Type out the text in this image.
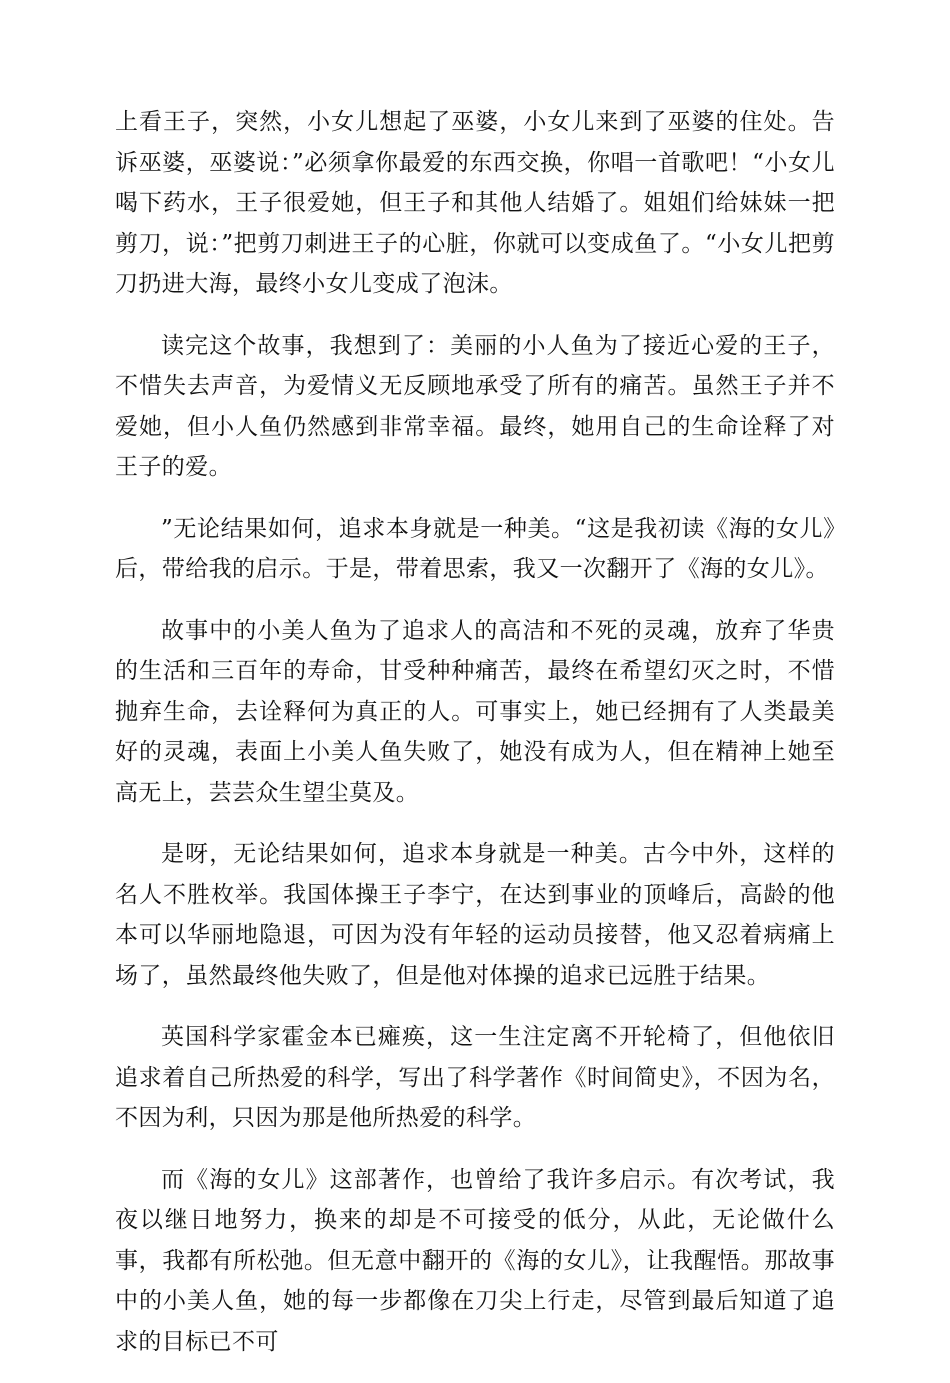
上看王子，突然，小女儿想起了巫婆，小女儿来到了巫婆的住处。告诉巫婆，巫婆说：”必须拿你最爱的东西交换，你唱一首歌吧！“小女儿喝下药水，王子很爱她，但王子和其他人结婚了。姐姐们给妹妹一把剪刀，说：”把剪刀刺进王子的心脏，你就可以变成鱼了。“小女儿把剪刀扔进大海，最终小女儿变成了泡沫。

读完这个故事，我想到了：美丽的小人鱼为了接近心爱的王子，不惜失去声音，为爱情义无反顾地承受了所有的痛苦。虽然王子并不爱她，但小人鱼仍然感到非常幸福。最终，她用自己的生命诠释了对王子的爱。

”无论结果如何，追求本身就是一种美。“这是我初读《海的女儿》后，带给我的启示。于是，带着思索，我又一次翻开了《海的女儿》。

故事中的小美人鱼为了追求人的高洁和不死的灵魂，放弃了华贵的生活和三百年的寿命，甘受种种痛苦，最终在希望幻灭之时，不惜抛弃生命，去诠释何为真正的人。可事实上，她已经拥有了人类最美好的灵魂，表面上小美人鱼失败了，她没有成为人，但在精神上她至高无上，芸芸众生望尘莫及。

是呀，无论结果如何，追求本身就是一种美。古今中外，这样的名人不胜枚举。我国体操王子李宁，在达到事业的顶峰后，高龄的他本可以华丽地隐退，可因为没有年轻的运动员接替，他又忍着病痛上场了，虽然最终他失败了，但是他对体操的追求已远胜于结果。

英国科学家霍金本已瘫痪，这一生注定离不开轮椅了，但他依旧追求着自己所热爱的科学，写出了科学著作《时间简史》，不因为名，不因为利，只因为那是他所热爱的科学。

而《海的女儿》这部著作，也曾给了我许多启示。有次考试，我夜以继日地努力，换来的却是不可接受的低分，从此，无论做什么事，我都有所松弛。但无意中翻开的《海的女儿》，让我醒悟。那故事中的小美人鱼，她的每一步都像在刀尖上行走，尽管到最后知道了追求的目标已不可
